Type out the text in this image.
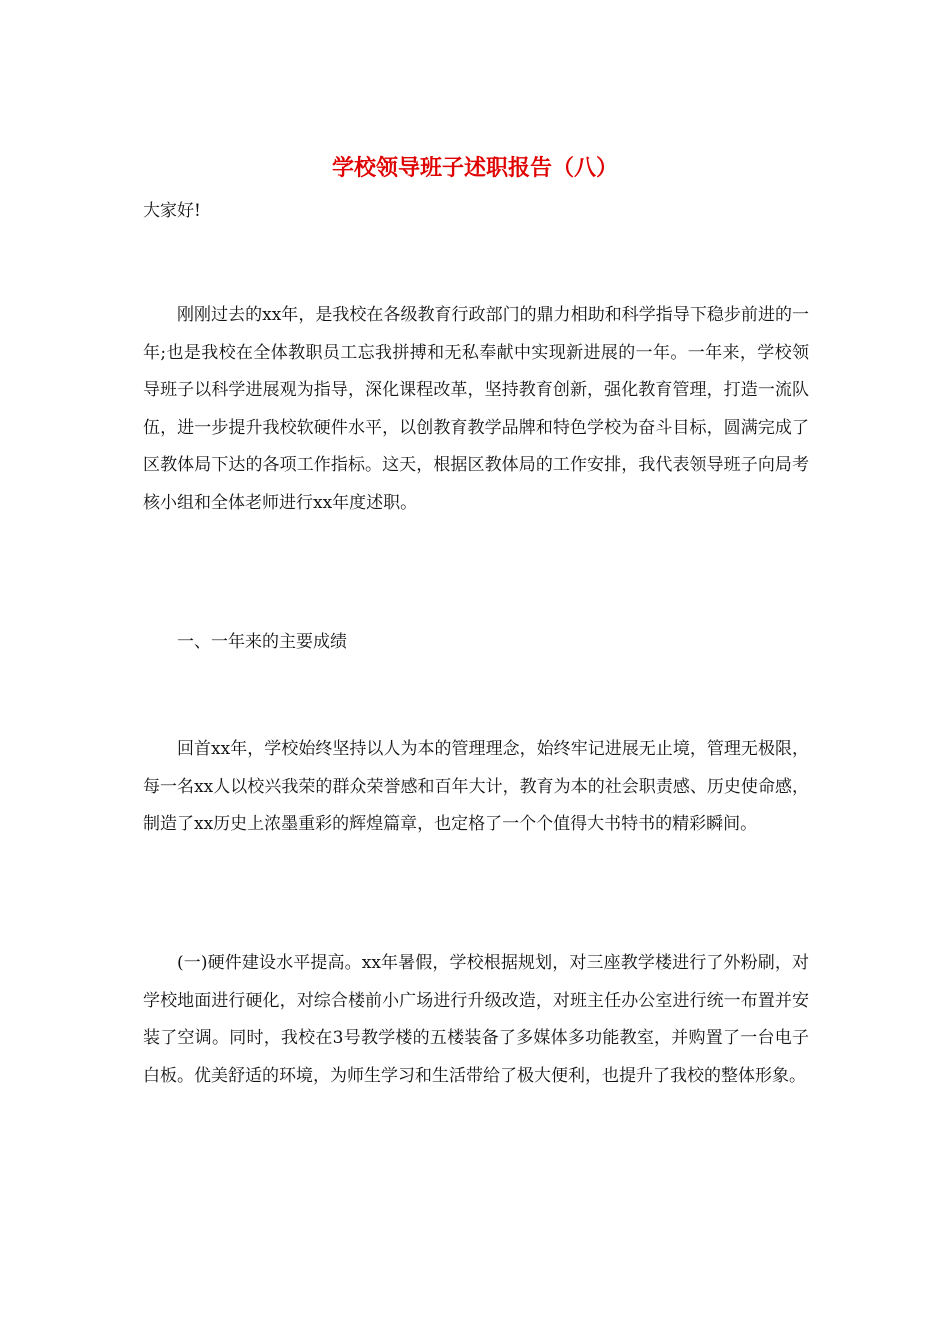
学校领导班子述职报告（八）

大家好!

刚刚过去的xx年，是我校在各级教育行政部门的鼎力相助和科学指导下稳步前进的一年;也是我校在全体教职员工忘我拼搏和无私奉献中实现新进展的一年。一年来，学校领导班子以科学进展观为指导，深化课程改革，坚持教育创新，强化教育管理，打造一流队伍，进一步提升我校软硬件水平，以创教育教学品牌和特色学校为奋斗目标，圆满完成了区教体局下达的各项工作指标。这天，根据区教体局的工作安排，我代表领导班子向局考核小组和全体老师进行xx年度述职。

一、一年来的主要成绩

回首xx年，学校始终坚持以人为本的管理理念，始终牢记进展无止境，管理无极限，每一名xx人以校兴我荣的群众荣誉感和百年大计，教育为本的社会职责感、历史使命感，制造了xx历史上浓墨重彩的辉煌篇章，也定格了一个个值得大书特书的精彩瞬间。

(一)硬件建设水平提高。xx年暑假，学校根据规划，对三座教学楼进行了外粉刷，对学校地面进行硬化，对综合楼前小广场进行升级改造，对班主任办公室进行统一布置并安装了空调。同时，我校在3号教学楼的五楼装备了多媒体多功能教室，并购置了一台电子白板。优美舒适的环境，为师生学习和生活带给了极大便利，也提升了我校的整体形象。
